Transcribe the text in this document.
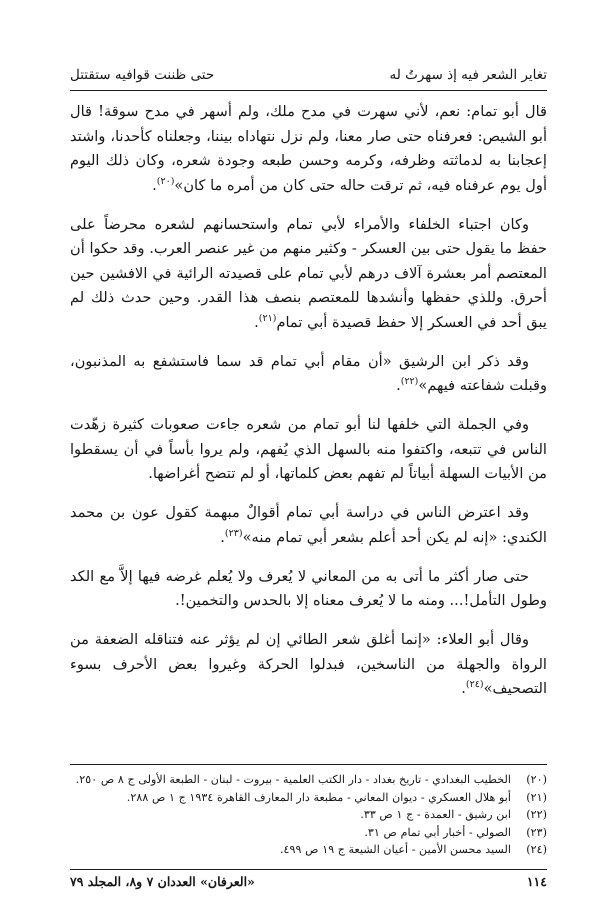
تغاير الشعر فيه إذ سهرتُ له
حتى ظننت قوافيه ستقتتل

قال أبو تمام: نعم، لأني سهرت في مدح ملك، ولم أسهر في مدح سوقة! قال أبو الشيص: فعرفناه حتى صار معنا، ولم نزل نتهاداه بيننا، وجعلناه كأحدنا، واشتد إعجابنا به لدماثته وظرفه، وكرمه وحسن طبعه وجودة شعره، وكان ذلك اليوم أول يوم عرفناه فيه، ثم ترقت حاله حتى كان من أمره ما كان»$^{(٢٠)}$.

وكان اجتباء الخلفاء والأمراء لأبي تمام واستحسانهم لشعره محرضاً على حفظ ما يقول حتى بين العسكر - وكثير منهم من غير عنصر العرب. وقد حكوا أن المعتصم أمر بعشرة آلاف درهم لأبي تمام على قصيدته الرائية في الافشين حين أحرق. وللذي حفظها وأنشدها للمعتصم بنصف هذا القدر. وحين حدث ذلك لم يبق أحد في العسكر إلا حفظ قصيدة أبي تمام$^{(٢١)}$.

وقد ذكر ابن الرشيق «أن مقام أبي تمام قد سما فاستشفع به المذنبون، وقبلت شفاعته فيهم»$^{(٢٢)}$.

وفي الجملة التي خلفها لنا أبو تمام من شعره جاءت صعوبات كثيرة زهّدت الناس في تتبعه، واكتفوا منه بالسهل الذي يُفهم، ولم يروا بأساً في أن يسقطوا من الأبيات السهلة أبياتاً لم تفهم بعض كلماتها، أو لم تتضح أغراضها.

وقد اعترض الناس في دراسة أبي تمام أقوالٌ مبهمة كقول عون بن محمد الكندي: «إنه لم يكن أحد أعلم بشعر أبي تمام منه»$^{(٢٣)}$.

حتى صار أكثر ما أتى به من المعاني لا يُعرف ولا يُعلم غرضه فيها إلاَّ مع الكد وطول التأمل!... ومنه ما لا يُعرف معناه إلا بالحدس والتخمين!.

وقال أبو العلاء: «إنما أغلق شعر الطائي إن لم يؤثر عنه فتناقله الضعفة من الرواة والجهلة من الناسخين، فبدلوا الحركة وغيروا بعض الأحرف بسوء التصحيف»$^{(٢٤)}$.

(٢٠)الخطيب البغدادي - تاريخ بغداد - دار الكتب العلمية - بيروت - لبنان - الطبعة الأولى ج ٨ ص ٢٥٠.
(٢١)أبو هلال العسكري - ديوان المعاني - مطبعة دار المعارف القاهرة ١٩٣٤ ج ١ ص ٢٨٨.
(٢٢)ابن رشيق - العمدة - ج ١ ص ٣٣.
(٢٣)الصولي - أخبار أبي تمام ص ٣١.
(٢٤)السيد محسن الأمين - أعيان الشيعة ج ١٩ ص ٤٩٩.
١١٤
«العرفان» العددان ٧ و٨، المجلد ٧٩
